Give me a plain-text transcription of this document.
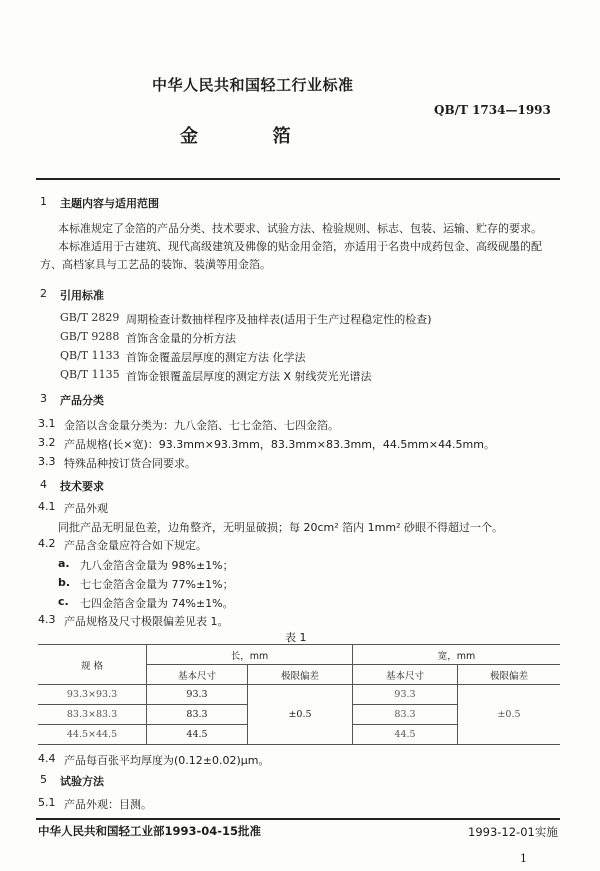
中华人民共和国轻工行业标准
QB/T 1734—1993
金	箔
1 主题内容与适用范围
本标准规定了金箔的产品分类、技术要求、试验方法、检验规则、标志、包装、运输、贮存的要求。
本标准适用于古建筑、现代高级建筑及佛像的贴金用金箔，亦适用于名贵中成药包金、高级砚墨的配方、高档家具与工艺品的装饰、装潢等用金箔。
2 引用标准
GB/T 2829 周期检查计数抽样程序及抽样表(适用于生产过程稳定性的检查)
GB/T 9288 首饰含金量的分析方法
QB/T 1133 首饰金覆盖层厚度的测定方法 化学法
QB/T 1135 首饰金银覆盖层厚度的测定方法 X 射线荧光光谱法
3 产品分类
3.1 金箔以含金量分类为：九八金箔、七七金箔、七四金箔。
3.2 产品规格(长×宽)：93.3mm×93.3mm，83.3mm×83.3mm，44.5mm×44.5mm。
3.3 特殊品种按订货合同要求。
4 技术要求
4.1 产品外观
同批产品无明显色差，边角整齐，无明显破损；每 20cm² 箔内 1mm² 砂眼不得超过一个。
4.2 产品含金量应符合如下规定。
a. 九八金箔含金量为 98%±1%；
b. 七七金箔含金量为 77%±1%；
c. 七四金箔含金量为 74%±1%。
4.3 产品规格及尺寸极限偏差见表 1。
表 1
规 格	长，mm		宽，mm	
	基本尺寸	极限偏差	基本尺寸	极限偏差
93.3×93.3	93.3	±0.5	93.3	±0.5
83.3×83.3	83.3		83.3	
44.5×44.5	44.5		44.5	
4.4 产品每百张平均厚度为(0.12±0.02)μm。
5 试验方法
5.1 产品外观：目测。
中华人民共和国轻工业部1993-04-15批准	1993-12-01实施
1
